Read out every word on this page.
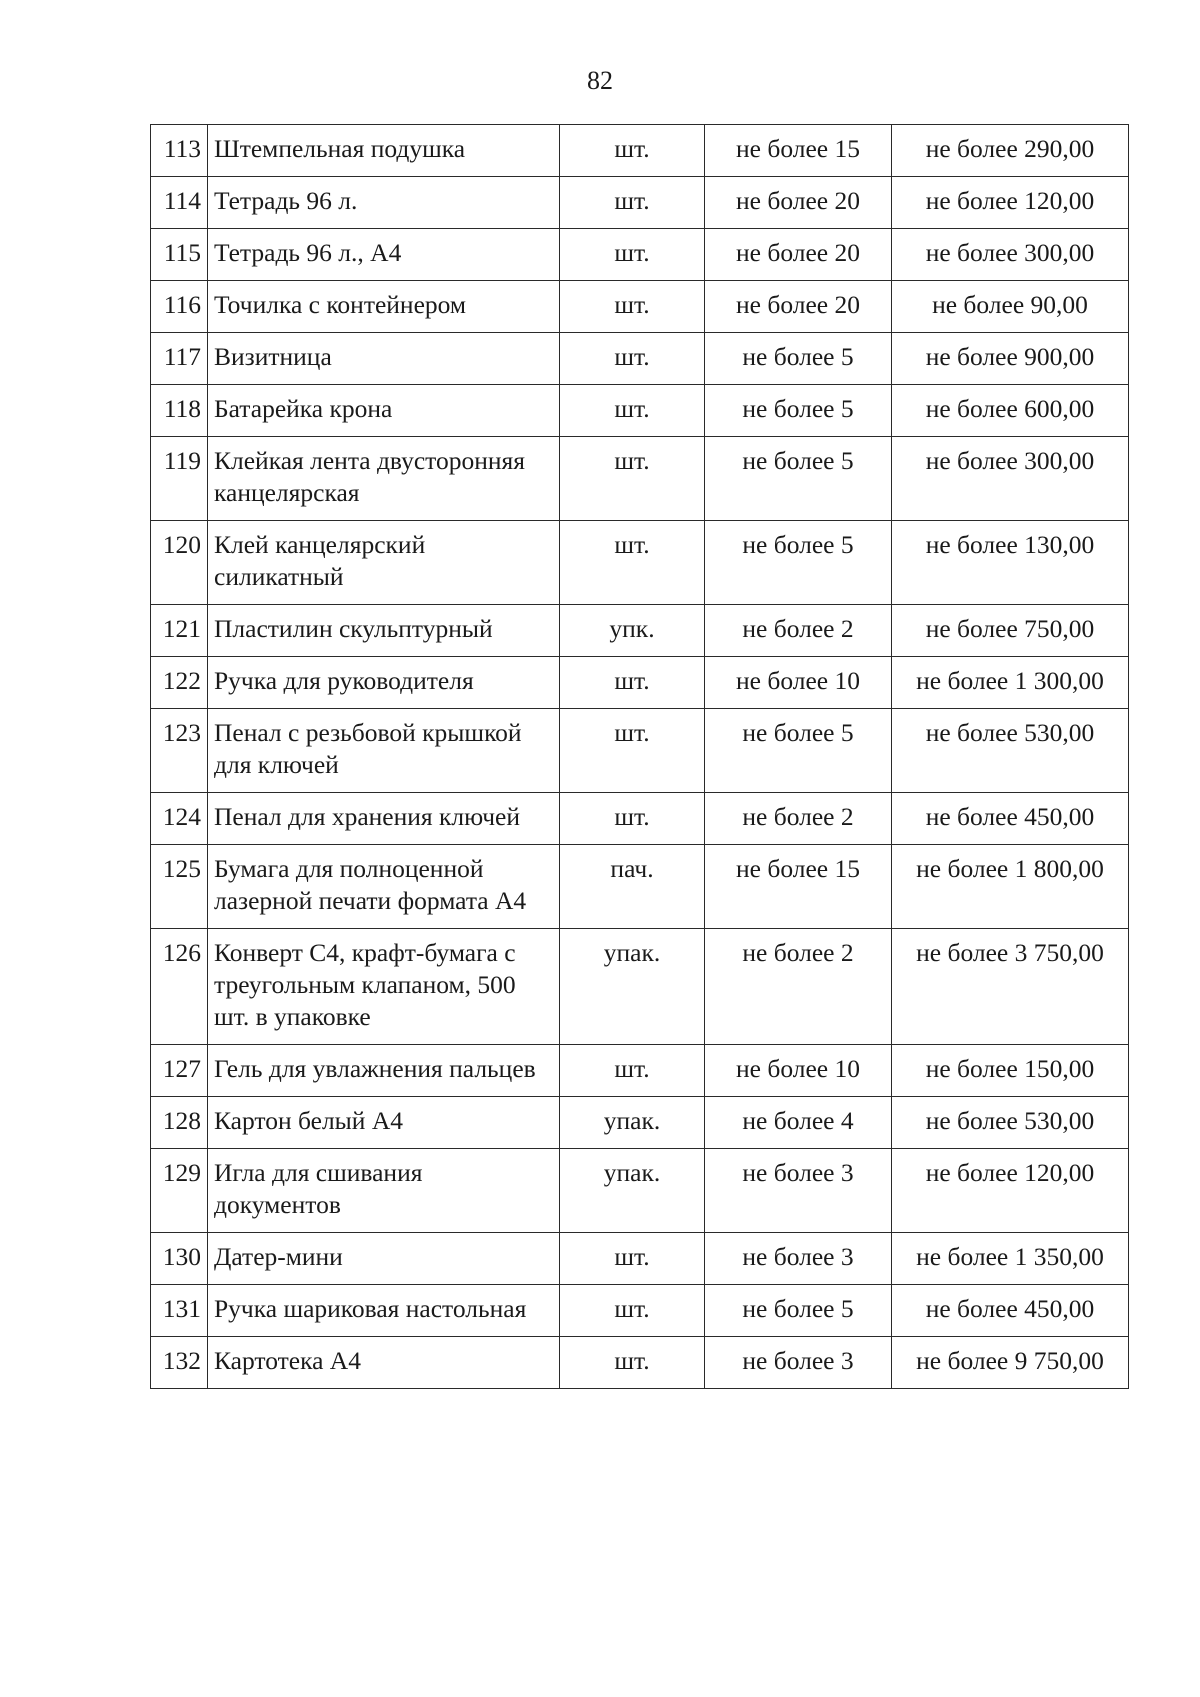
82
113	Штемпельная подушка	шт.	не более 15	не более 290,00
114	Тетрадь 96 л.	шт.	не более 20	не более 120,00
115	Тетрадь 96 л., А4	шт.	не более 20	не более 300,00
116	Точилка с контейнером	шт.	не более 20	не более 90,00
117	Визитница	шт.	не более 5	не более 900,00
118	Батарейка крона	шт.	не более 5	не более 600,00
119	Клейкая лента двусторонняя канцелярская	шт.	не более 5	не более 300,00
120	Клей канцелярский силикатный	шт.	не более 5	не более 130,00
121	Пластилин скульптурный	упк.	не более 2	не более 750,00
122	Ручка для руководителя	шт.	не более 10	не более 1 300,00
123	Пенал с резьбовой крышкой для ключей	шт.	не более 5	не более 530,00
124	Пенал для хранения ключей	шт.	не более 2	не более 450,00
125	Бумага для полноценной лазерной печати формата А4	пач.	не более 15	не более 1 800,00
126	Конверт С4, крафт-бумага с треугольным клапаном, 500 шт. в упаковке	упак.	не более 2	не более 3 750,00
127	Гель для увлажнения пальцев	шт.	не более 10	не более 150,00
128	Картон белый А4	упак.	не более 4	не более 530,00
129	Игла для сшивания документов	упак.	не более 3	не более 120,00
130	Датер-мини	шт.	не более 3	не более 1 350,00
131	Ручка шариковая настольная	шт.	не более 5	не более 450,00
132	Картотека А4	шт.	не более 3	не более 9 750,00
